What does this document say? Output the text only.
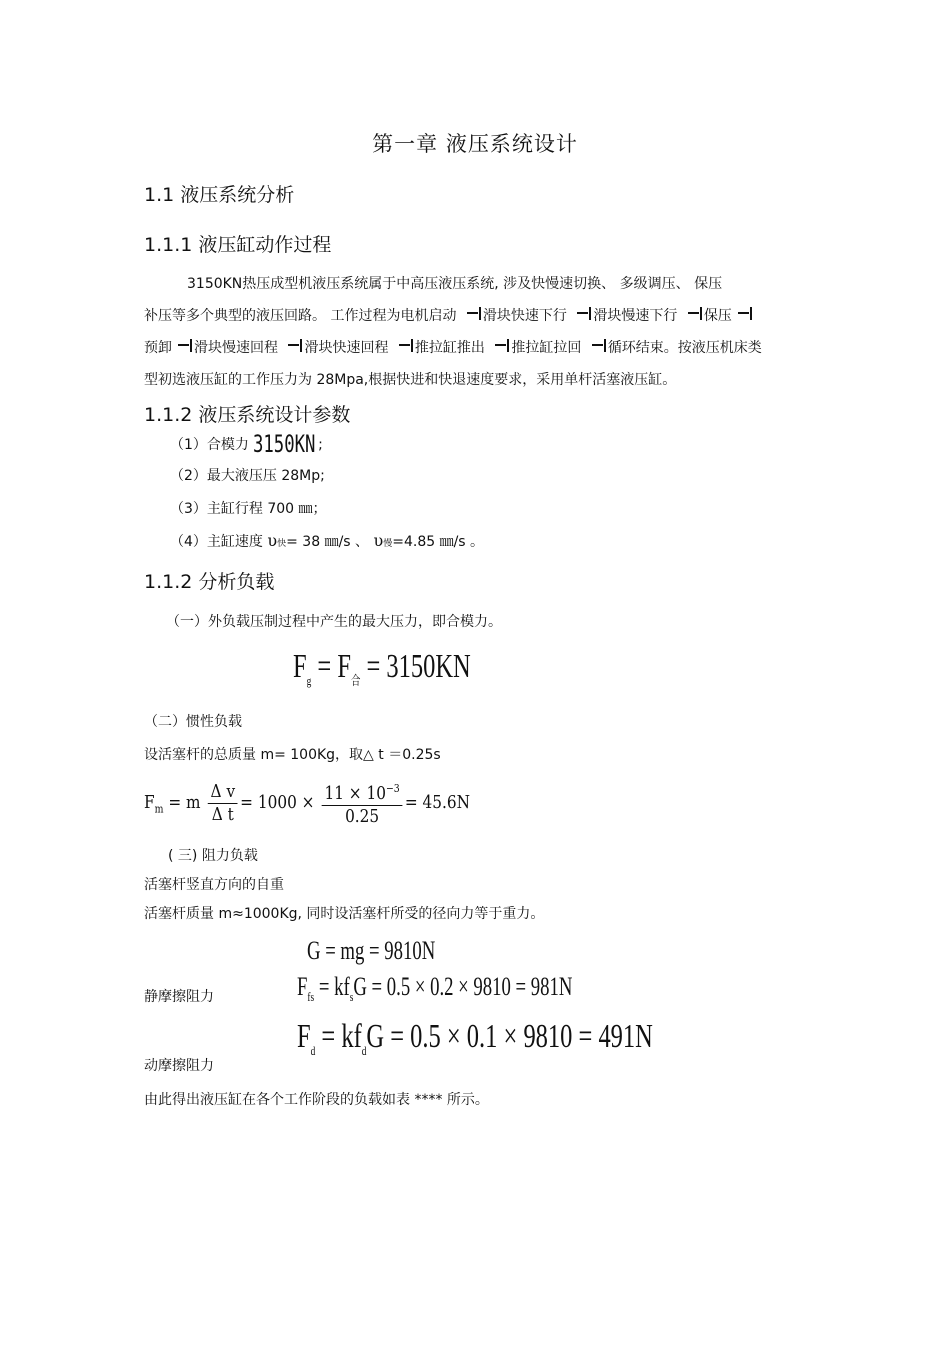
第一章 液压系统设计
1.1 液压系统分析
1.1.1 液压缸动作过程
3150KN热压成型机液压系统属于中高压液压系统, 涉及快慢速切换、 多级调压、 保压
补压等多个典型的液压回路。 工作过程为电机启动 滑块快速下行 滑块慢速下行 保压
预卸 滑块慢速回程 滑块快速回程 推拉缸推出 推拉缸拉回 循环结束。按液压机床类
型初选液压缸的工作压力为 28Mpa,根据快进和快退速度要求，采用单杆活塞液压缸。
1.1.2 液压系统设计参数
（1）合模力 3150KN ;
（2）最大液压压 28Mp;
（3）主缸行程 700 ㎜；
（4）主缸速度 υ快= 38 ㎜/s 、 υ慢=4.85 ㎜/s 。
1.1.2 分析负载
（一）外负载压制过程中产生的最大压力，即合模力。
$F_g = F_合 = 3150KN$
（二）惯性负载
设活塞杆的总质量 m= 100Kg，取△ t ＝0.25s
$F_m = m \frac{\text{Δ v}}{\text{Δ t}} = 1000 \times \frac{11 \times 10^{-3}}{0.25} = 45.6N$
( 三) 阻力负载
活塞杆竖直方向的自重
活塞杆质量 m≈1000Kg, 同时设活塞杆所受的径向力等于重力。
G = mg = 9810N
静摩擦阻力	$F_{fs} = kf_sG = 0.5 \times 0.2 \times 9810 = 981N$
动摩擦阻力
$F_d = kf_dG = 0.5 \times 0.1 \times 9810 = 491N$
由此得出液压缸在各个工作阶段的负载如表 **** 所示。
